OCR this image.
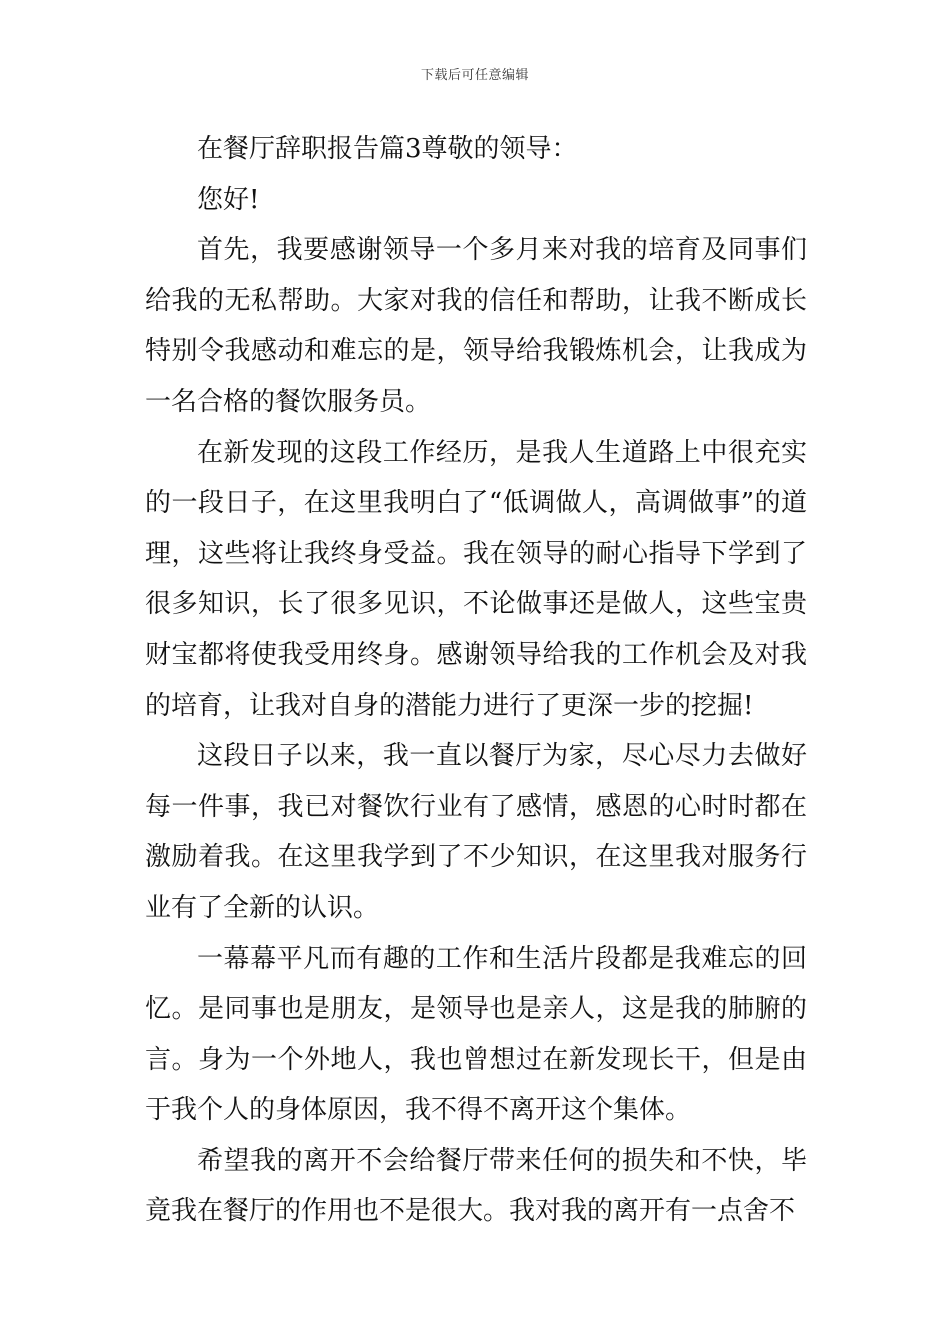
下载后可任意编辑

在餐厅辞职报告篇3尊敬的领导：

您好!

首先，我要感谢领导一个多月来对我的培育及同事们给我的无私帮助。大家对我的信任和帮助，让我不断成长特别令我感动和难忘的是，领导给我锻炼机会，让我成为一名合格的餐饮服务员。

在新发现的这段工作经历，是我人生道路上中很充实的一段日子，在这里我明白了“低调做人，高调做事”的道理，这些将让我终身受益。我在领导的耐心指导下学到了很多知识，长了很多见识，不论做事还是做人，这些宝贵财宝都将使我受用终身。感谢领导给我的工作机会及对我的培育，让我对自身的潜能力进行了更深一步的挖掘!

这段日子以来，我一直以餐厅为家，尽心尽力去做好每一件事，我已对餐饮行业有了感情，感恩的心时时都在激励着我。在这里我学到了不少知识，在这里我对服务行业有了全新的认识。

一幕幕平凡而有趣的工作和生活片段都是我难忘的回忆。是同事也是朋友，是领导也是亲人，这是我的肺腑的言。身为一个外地人，我也曾想过在新发现长干，但是由于我个人的身体原因，我不得不离开这个集体。

希望我的离开不会给餐厅带来任何的损失和不快，毕竟我在餐厅的作用也不是很大。我对我的离开有一点舍不
